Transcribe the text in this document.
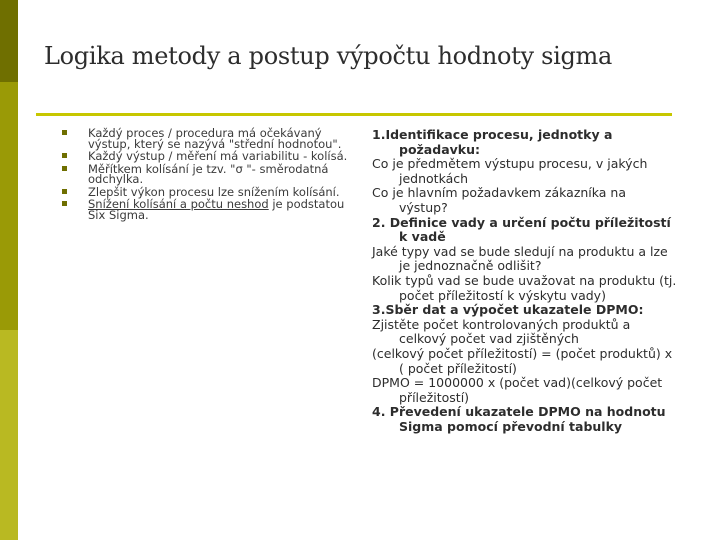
Logika metody a postup výpočtu hodnoty sigma
Každý proces / procedura má očekávaný výstup, který se nazývá "střední hodnotou".
Každý výstup / měření má variabilitu - kolísá.
Měřítkem kolísání je tzv. "σ "- směrodatná odchylka.
Zlepšit výkon procesu lze snížením kolísání.
Snížení kolísání a počtu neshod je podstatou Six Sigma.

1.Identifikace procesu, jednotky a požadavku:

Co je předmětem výstupu procesu, v jakých jednotkách

Co je hlavním požadavkem zákazníka na výstup?

2. Definice vady a určení počtu příležitostí k vadě

Jaké typy vad se bude sledují na produktu a lze je jednoznačně odlišit?

Kolik typů vad se bude uvažovat na produktu (tj. počet příležitostí k výskytu vady)

3.Sběr dat a výpočet ukazatele DPMO:

Zjistěte počet kontrolovaných produktů a celkový počet vad zjištěných

(celkový počet příležitostí) = (počet produktů) x ( počet příležitostí)

DPMO = 1000000 x (počet vad)(celkový počet příležitostí)

4. Převedení ukazatele DPMO na hodnotu Sigma pomocí převodní tabulky
